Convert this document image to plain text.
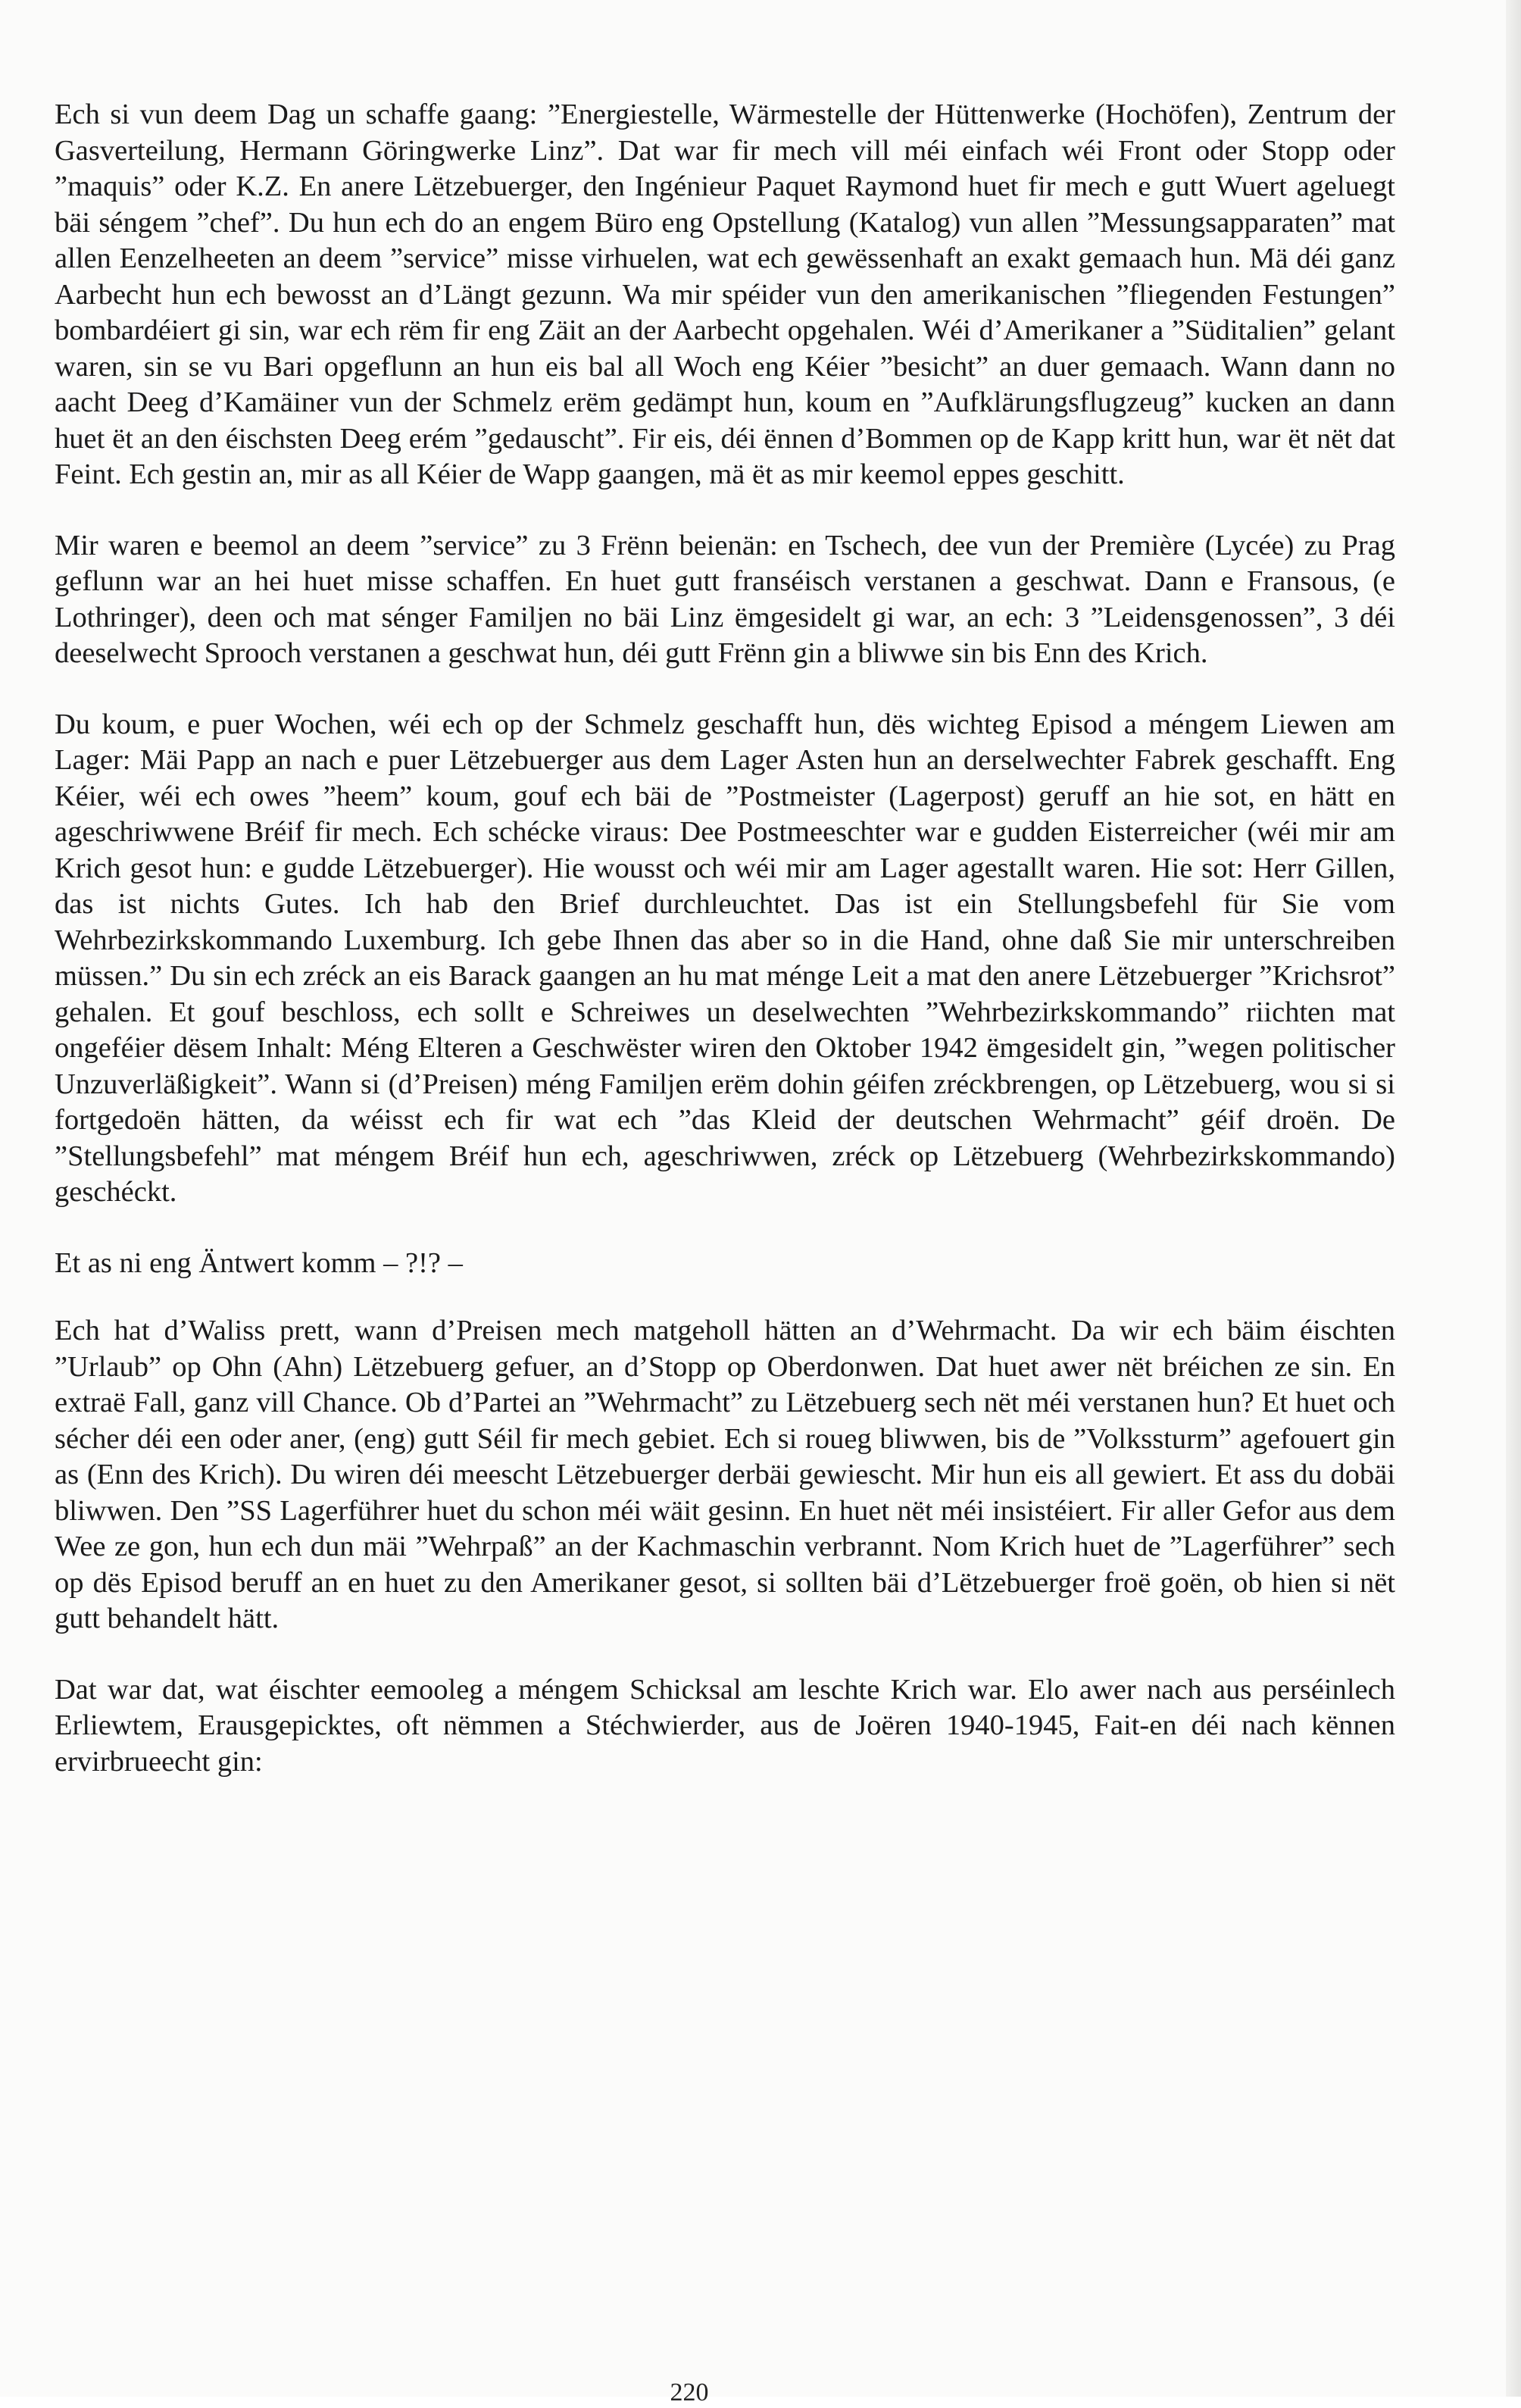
Ech si vun deem Dag un schaffe gaang: ”Energiestelle, Wärmestelle der Hüttenwerke (Hochöfen), Zentrum der Gasverteilung, Hermann Göringwerke Linz”. Dat war fir mech vill méi einfach wéi Front oder Stopp oder ”maquis” oder K.Z. En anere Lëtzebuerger, den Ingénieur Paquet Raymond huet fir mech e gutt Wuert ageluegt bäi séngem ”chef”. Du hun ech do an engem Büro eng Opstellung (Katalog) vun allen ”Messungsapparaten” mat allen Eenzelheeten an deem ”service” misse virhuelen, wat ech gewëssenhaft an exakt gemaach hun. Mä déi ganz Aarbecht hun ech bewosst an d’Längt gezunn. Wa mir spéider vun den amerikanischen ”fliegenden Festungen” bombardéiert gi sin, war ech rëm fir eng Zäit an der Aarbecht opgehalen. Wéi d’Amerikaner a ”Süditalien” gelant waren, sin se vu Bari opgeflunn an hun eis bal all Woch eng Kéier ”besicht” an duer gemaach. Wann dann no aacht Deeg d’Kamäiner vun der Schmelz erëm gedämpt hun, koum en ”Aufklärungsflugzeug” kucken an dann huet ët an den éischsten Deeg erém ”gedauscht”. Fir eis, déi ënnen d’Bommen op de Kapp kritt hun, war ët nët dat Feint. Ech gestin an, mir as all Kéier de Wapp gaangen, mä ët as mir keemol eppes geschitt.

Mir waren e beemol an deem ”service” zu 3 Frënn beienän: en Tschech, dee vun der Première (Lycée) zu Prag geflunn war an hei huet misse schaffen. En huet gutt franséisch verstanen a geschwat. Dann e Fransous, (e Lothringer), deen och mat sénger Familjen no bäi Linz ëmgesidelt gi war, an ech: 3 ”Leidensgenossen”, 3 déi deeselwecht Sprooch verstanen a geschwat hun, déi gutt Frënn gin a bliwwe sin bis Enn des Krich.

Du koum, e puer Wochen, wéi ech op der Schmelz geschafft hun, dës wichteg Episod a méngem Liewen am Lager: Mäi Papp an nach e puer Lëtzebuerger aus dem Lager Asten hun an derselwechter Fabrek geschafft. Eng Kéier, wéi ech owes ”heem” koum, gouf ech bäi de ”Postmeister (Lagerpost) geruff an hie sot, en hätt en ageschriwwene Bréif fir mech. Ech schécke viraus: Dee Postmeeschter war e gudden Eisterreicher (wéi mir am Krich gesot hun: e gudde Lëtzebuerger). Hie wousst och wéi mir am Lager agestallt waren. Hie sot: Herr Gillen, das ist nichts Gutes. Ich hab den Brief durchleuchtet. Das ist ein Stellungsbefehl für Sie vom Wehrbezirkskommando Luxemburg. Ich gebe Ihnen das aber so in die Hand, ohne daß Sie mir unterschreiben müssen.” Du sin ech zréck an eis Barack gaangen an hu mat ménge Leit a mat den anere Lëtzebuerger ”Krichsrot” gehalen. Et gouf beschloss, ech sollt e Schreiwes un deselwechten ”Wehrbezirkskommando” riichten mat ongeféier dësem Inhalt: Méng Elteren a Geschwëster wiren den Oktober 1942 ëmgesidelt gin, ”wegen politischer Unzuverläßigkeit”. Wann si (d’Preisen) méng Familjen erëm dohin géifen zréckbrengen, op Lëtzebuerg, wou si si fortgedoën hätten, da wéisst ech fir wat ech ”das Kleid der deutschen Wehrmacht” géif droën. De ”Stellungsbefehl” mat méngem Bréif hun ech, ageschriwwen, zréck op Lëtzebuerg (Wehrbezirkskommando) geschéckt.

Et as ni eng Äntwert komm – ?!? –

Ech hat d’Waliss prett, wann d’Preisen mech matgeholl hätten an d’Wehrmacht. Da wir ech bäim éischten ”Urlaub” op Ohn (Ahn) Lëtzebuerg gefuer, an d’Stopp op Oberdonwen. Dat huet awer nët bréichen ze sin. En extraë Fall, ganz vill Chance. Ob d’Partei an ”Wehrmacht” zu Lëtzebuerg sech nët méi verstanen hun? Et huet och sécher déi een oder aner, (eng) gutt Séil fir mech gebiet. Ech si roueg bliwwen, bis de ”Volkssturm” agefouert gin as (Enn des Krich). Du wiren déi meescht Lëtzebuerger derbäi gewiescht. Mir hun eis all gewiert. Et ass du dobäi bliwwen. Den ”SS Lagerführer huet du schon méi wäit gesinn. En huet nët méi insistéiert. Fir aller Gefor aus dem Wee ze gon, hun ech dun mäi ”Wehrpaß” an der Kachmaschin verbrannt. Nom Krich huet de ”Lagerführer” sech op dës Episod beruff an en huet zu den Amerikaner gesot, si sollten bäi d’Lëtzebuerger froë goën, ob hien si nët gutt behandelt hätt.

Dat war dat, wat éischter eemooleg a méngem Schicksal am leschte Krich war. Elo awer nach aus perséinlech Erliewtem, Erausgepicktes, oft nëmmen a Stéchwierder, aus de Joëren 1940-1945, Fait-en déi nach kënnen ervirbrueecht gin:

220
